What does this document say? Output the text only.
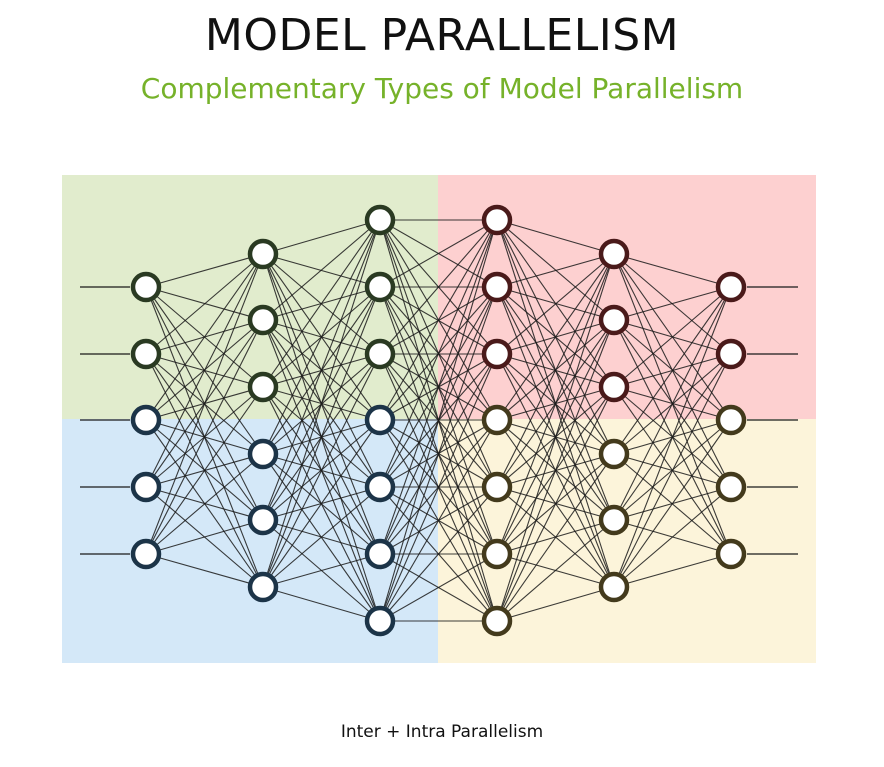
MODEL PARALLELISM
Complementary Types of Model Parallelism
Inter + Intra Parallelism
